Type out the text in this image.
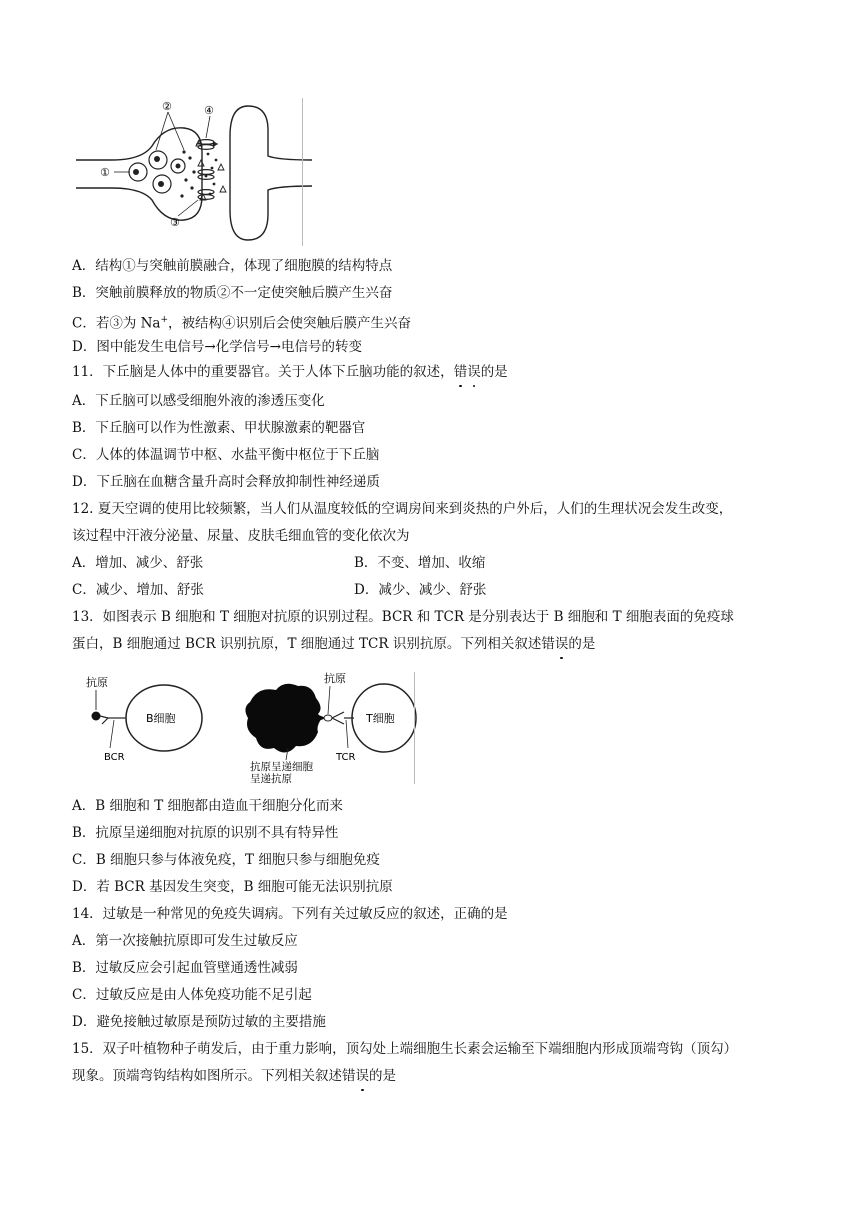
①
②	④
③
A．结构①与突触前膜融合，体现了细胞膜的结构特点
B．突触前膜释放的物质②不一定使突触后膜产生兴奋
C．若③为 Na+，被结构④识别后会使突触后膜产生兴奋
D．图中能发生电信号→化学信号→电信号的转变
11．下丘脑是人体中的重要器官。关于人体下丘脑功能的叙述，错误的是
A．下丘脑可以感受细胞外液的渗透压变化
B．下丘脑可以作为性激素、甲状腺激素的靶器官
C．人体的体温调节中枢、水盐平衡中枢位于下丘脑
D．下丘脑在血糖含量升高时会释放抑制性神经递质
12. 夏天空调的使用比较频繁，当人们从温度较低的空调房间来到炎热的户外后，人们的生理状况会发生改变，
该过程中汗液分泌量、尿量、皮肤毛细血管的变化依次为
A．增加、减少、舒张	B．不变、增加、收缩
C．减少、增加、舒张	D．减少、减少、舒张
13．如图表示 B 细胞和 T 细胞对抗原的识别过程。BCR 和 TCR 是分别表达于 B 细胞和 T 细胞表面的免疫球
蛋白，B 细胞通过 BCR 识别抗原，T 细胞通过 TCR 识别抗原。下列相关叙述错误的是
抗原
B细胞
BCR
抗原
抗原呈递细胞
呈递抗原
TCR
T细胞
A．B 细胞和 T 细胞都由造血干细胞分化而来
B．抗原呈递细胞对抗原的识别不具有特异性
C．B 细胞只参与体液免疫，T 细胞只参与细胞免疫
D．若 BCR 基因发生突变，B 细胞可能无法识别抗原
14．过敏是一种常见的免疫失调病。下列有关过敏反应的叙述，正确的是
A．第一次接触抗原即可发生过敏反应
B．过敏反应会引起血管壁通透性减弱
C．过敏反应是由人体免疫功能不足引起
D．避免接触过敏原是预防过敏的主要措施
15．双子叶植物种子萌发后，由于重力影响，顶勾处上端细胞生长素会运输至下端细胞内形成顶端弯钩（顶勾）
现象。顶端弯钩结构如图所示。下列相关叙述错误的是
